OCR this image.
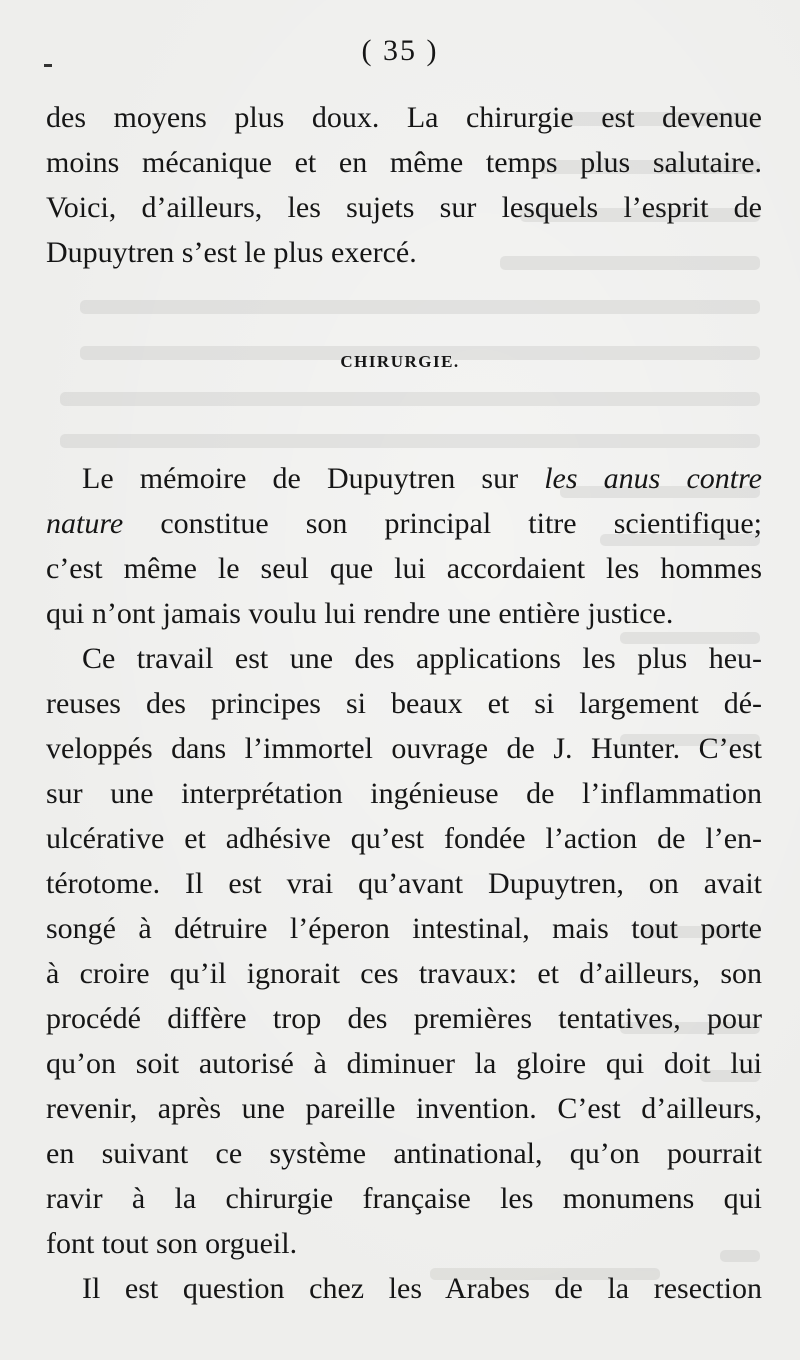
( 35 )
des moyens plus doux. La chirurgie est devenue
moins mécanique et en même temps plus salutaire.
Voici, d’ailleurs, les sujets sur lesquels l’esprit de
Dupuytren s’est le plus exercé.
CHIRURGIE.
Le mémoire de Dupuytren sur les anus contre
nature constitue son principal titre scientifique;
c’est même le seul que lui accordaient les hommes
qui n’ont jamais voulu lui rendre une entière justice.
Ce travail est une des applications les plus heu-
reuses des principes si beaux et si largement dé-
veloppés dans l’immortel ouvrage de J. Hunter. C’est
sur une interprétation ingénieuse de l’inflammation
ulcérative et adhésive qu’est fondée l’action de l’en-
térotome. Il est vrai qu’avant Dupuytren, on avait
songé à détruire l’éperon intestinal, mais tout porte
à croire qu’il ignorait ces travaux: et d’ailleurs, son
procédé diffère trop des premières tentatives, pour
qu’on soit autorisé à diminuer la gloire qui doit lui
revenir, après une pareille invention. C’est d’ailleurs,
en suivant ce système antinational, qu’on pourrait
ravir à la chirurgie française les monumens qui
font tout son orgueil.
Il est question chez les Arabes de la resection
